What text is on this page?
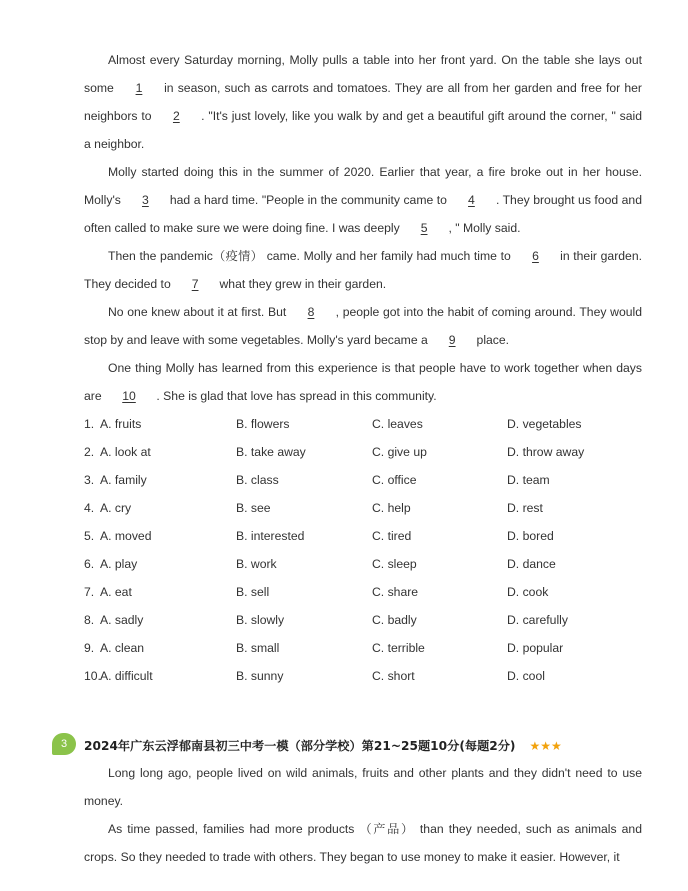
Almost every Saturday morning, Molly pulls a table into her front yard. On the table she lays out some 1 in season, such as carrots and tomatoes. They are all from her garden and free for her neighbors to 2 . "It's just lovely, like you walk by and get a beautiful gift around the corner, " said a neighbor.

Molly started doing this in the summer of 2020. Earlier that year, a fire broke out in her house. Molly's 3 had a hard time. "People in the community came to 4 . They brought us food and often called to make sure we were doing fine. I was deeply 5 , " Molly said.

Then the pandemic（疫情） came. Molly and her family had much time to 6 in their garden. They decided to 7 what they grew in their garden.

No one knew about it at first. But 8 , people got into the habit of coming around. They would stop by and leave with some vegetables. Molly's yard became a 9 place.

One thing Molly has learned from this experience is that people have to work together when days are 10 . She is glad that love has spread in this community.

1. A. fruits	B. flowers	C. leaves	D. vegetables
2. A. look at	B. take away	C. give up	D. throw away
3. A. family	B. class	C. office	D. team
4. A. cry	B. see	C. help	D. rest
5. A. moved	B. interested	C. tired	D. bored
6. A. play	B. work	C. sleep	D. dance
7. A. eat	B. sell	C. share	D. cook
8. A. sadly	B. slowly	C. badly	D. carefully
9. A. clean	B. small	C. terrible	D. popular
10. A. difficult	B. sunny	C. short	D. cool
3	2024年广东云浮郁南县初三中考一模（部分学校）第21~25题10分(每题2分) ★★★

Long long ago, people lived on wild animals, fruits and other plants and they didn't need to use money.

As time passed, families had more products （产品） than they needed, such as animals and crops. So they needed to trade with others. They began to use money to make it easier. However, it
